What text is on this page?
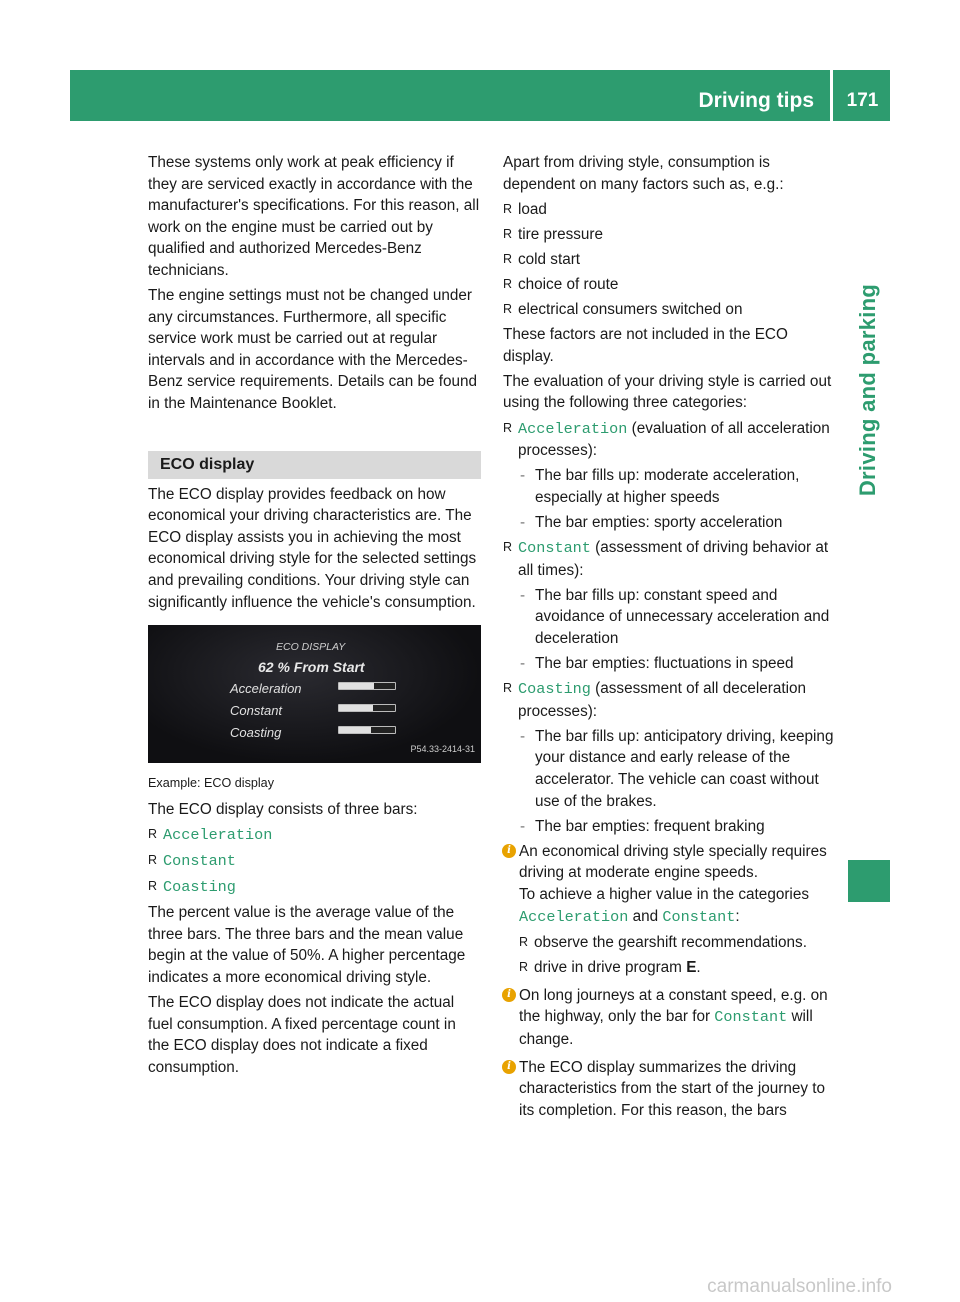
Driving tips	171
Driving and parking

These systems only work at peak efficiency if they are serviced exactly in accordance with the manufacturer's specifications. For this reason, all work on the engine must be carried out by qualified and authorized Mercedes-Benz technicians.

The engine settings must not be changed under any circumstances. Furthermore, all specific service work must be carried out at regular intervals and in accordance with the Mercedes-Benz service requirements. Details can be found in the Maintenance Booklet.

ECO display

The ECO display provides feedback on how economical your driving characteristics are. The ECO display assists you in achieving the most economical driving style for the selected settings and prevailing conditions. Your driving style can significantly influence the vehicle's consumption.

ECO DISPLAY
62 % From Start
Acceleration
Constant
Coasting
P54.33-2414-31
Example: ECO display

The ECO display consists of three bars:

R Acceleration
R Constant
R Coasting

The percent value is the average value of the three bars. The three bars and the mean value begin at the value of 50%. A higher percentage indicates a more economical driving style.

The ECO display does not indicate the actual fuel consumption. A fixed percentage count in the ECO display does not indicate a fixed consumption.

Apart from driving style, consumption is dependent on many factors such as, e.g.:

R load
R tire pressure
R cold start
R choice of route
R electrical consumers switched on

These factors are not included in the ECO display.

The evaluation of your driving style is carried out using the following three categories:

R Acceleration (evaluation of all acceleration processes):
- The bar fills up: moderate acceleration, especially at higher speeds
- The bar empties: sporty acceleration
R Constant (assessment of driving behavior at all times):
- The bar fills up: constant speed and avoidance of unnecessary acceleration and deceleration
- The bar empties: fluctuations in speed
R Coasting (assessment of all deceleration processes):
- The bar fills up: anticipatory driving, keeping your distance and early release of the accelerator. The vehicle can coast without use of the brakes.
- The bar empties: frequent braking
i An economical driving style specially requires driving at moderate engine speeds.
To achieve a higher value in the categories Acceleration and Constant:
R observe the gearshift recommendations.
R drive in drive program E.
i On long journeys at a constant speed, e.g. on the highway, only the bar for Constant will change.
i The ECO display summarizes the driving characteristics from the start of the journey to its completion. For this reason, the bars
carmanualsonline.info
